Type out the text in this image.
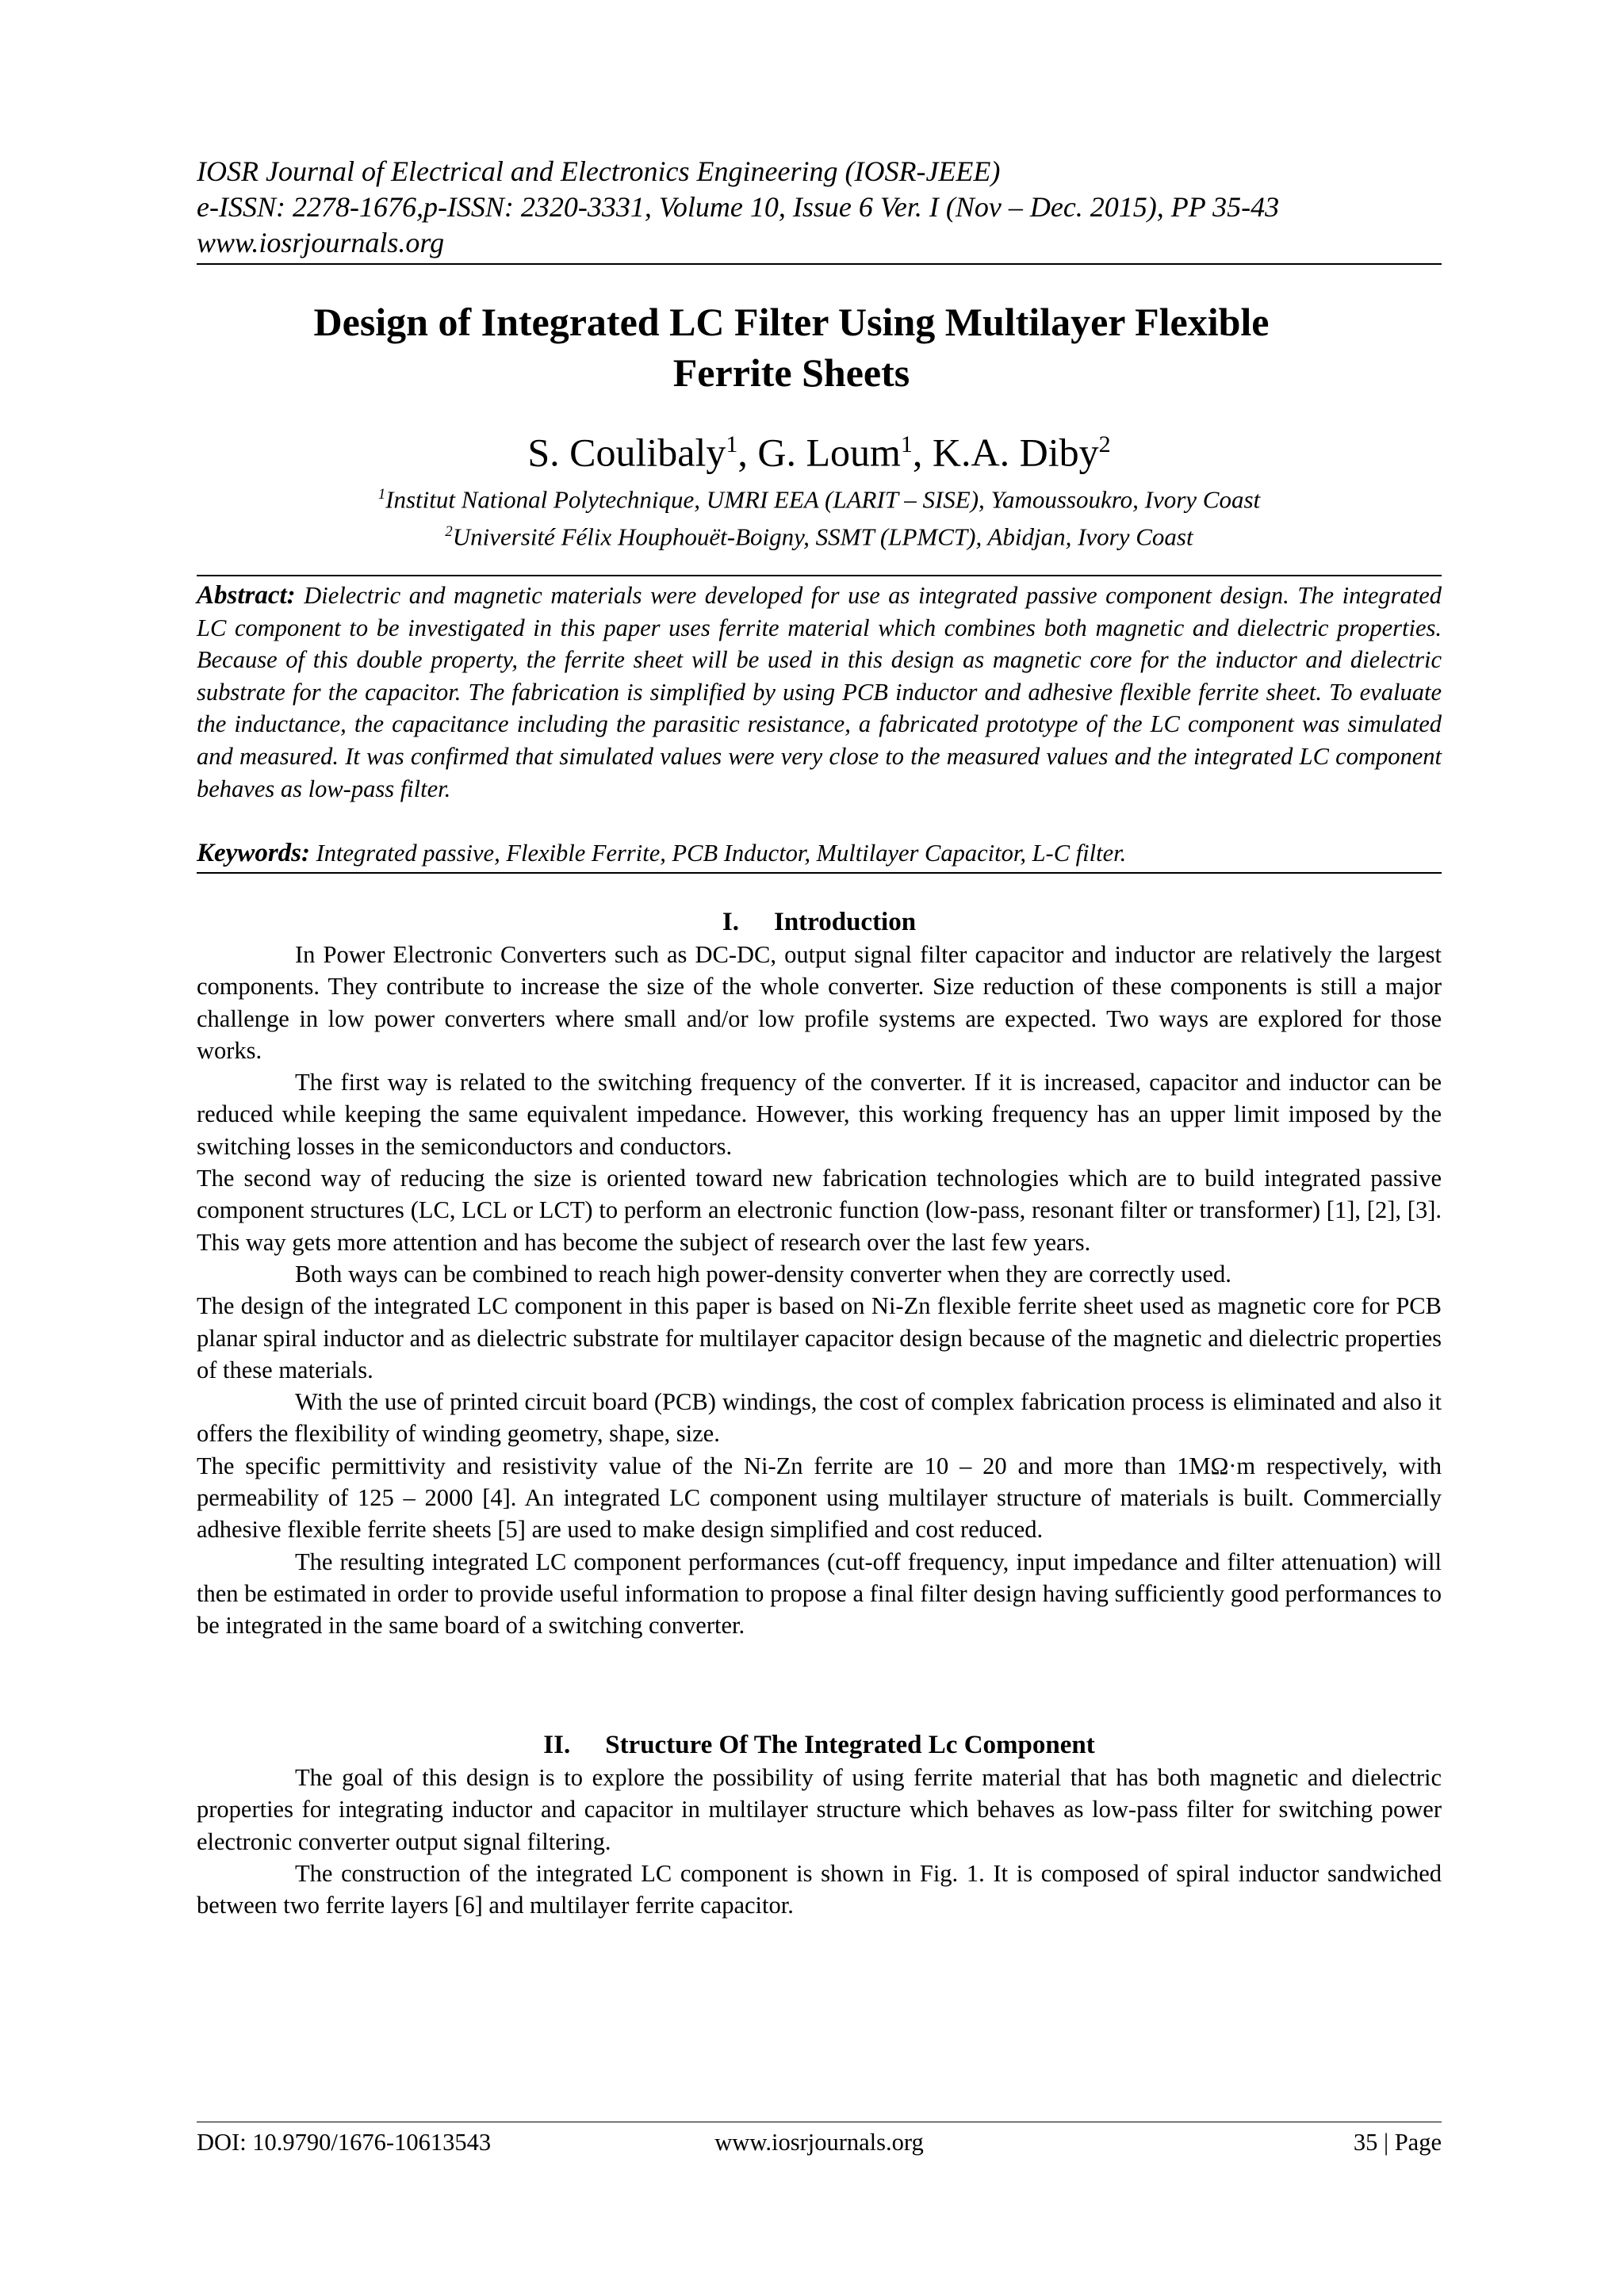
IOSR Journal of Electrical and Electronics Engineering (IOSR-JEEE)
e-ISSN: 2278-1676,p-ISSN: 2320-3331, Volume 10, Issue 6 Ver. I (Nov – Dec. 2015), PP 35-43
www.iosrjournals.org
Design of Integrated LC Filter Using Multilayer Flexible
Ferrite Sheets
S. Coulibaly$^1$, G. Loum$^1$, K.A. Diby$^2$
$^1$Institut National Polytechnique, UMRI EEA (LARIT – SISE), Yamoussoukro, Ivory Coast
$^2$Université Félix Houphouët-Boigny, SSMT (LPMCT), Abidjan, Ivory Coast
Abstract: Dielectric and magnetic materials were developed for use as integrated passive component design. The integrated LC component to be investigated in this paper uses ferrite material which combines both magnetic and dielectric properties. Because of this double property, the ferrite sheet will be used in this design as magnetic core for the inductor and dielectric substrate for the capacitor. The fabrication is simplified by using PCB inductor and adhesive flexible ferrite sheet. To evaluate the inductance, the capacitance including the parasitic resistance, a fabricated prototype of the LC component was simulated and measured. It was confirmed that simulated values were very close to the measured values and the integrated LC component behaves as low-pass filter.
Keywords: Integrated passive, Flexible Ferrite, PCB Inductor, Multilayer Capacitor, L-C filter.
I. Introduction

In Power Electronic Converters such as DC-DC, output signal filter capacitor and inductor are relatively the largest components. They contribute to increase the size of the whole converter. Size reduction of these components is still a major challenge in low power converters where small and/or low profile systems are expected. Two ways are explored for those works.

The first way is related to the switching frequency of the converter. If it is increased, capacitor and inductor can be reduced while keeping the same equivalent impedance. However, this working frequency has an upper limit imposed by the switching losses in the semiconductors and conductors.

The second way of reducing the size is oriented toward new fabrication technologies which are to build integrated passive component structures (LC, LCL or LCT) to perform an electronic function (low-pass, resonant filter or transformer) [1], [2], [3]. This way gets more attention and has become the subject of research over the last few years.

Both ways can be combined to reach high power-density converter when they are correctly used.

The design of the integrated LC component in this paper is based on Ni-Zn flexible ferrite sheet used as magnetic core for PCB planar spiral inductor and as dielectric substrate for multilayer capacitor design because of the magnetic and dielectric properties of these materials.

With the use of printed circuit board (PCB) windings, the cost of complex fabrication process is eliminated and also it offers the flexibility of winding geometry, shape, size.

The specific permittivity and resistivity value of the Ni-Zn ferrite are 10 – 20 and more than 1MΩ·m respectively, with permeability of 125 – 2000 [4]. An integrated LC component using multilayer structure of materials is built. Commercially adhesive flexible ferrite sheets [5] are used to make design simplified and cost reduced.

The resulting integrated LC component performances (cut-off frequency, input impedance and filter attenuation) will then be estimated in order to provide useful information to propose a final filter design having sufficiently good performances to be integrated in the same board of a switching converter.

II. Structure Of The Integrated Lc Component

The goal of this design is to explore the possibility of using ferrite material that has both magnetic and dielectric properties for integrating inductor and capacitor in multilayer structure which behaves as low-pass filter for switching power electronic converter output signal filtering.

The construction of the integrated LC component is shown in Fig. 1. It is composed of spiral inductor sandwiched between two ferrite layers [6] and multilayer ferrite capacitor.

DOI: 10.9790/1676-10613543	www.iosrjournals.org	35 | Page
